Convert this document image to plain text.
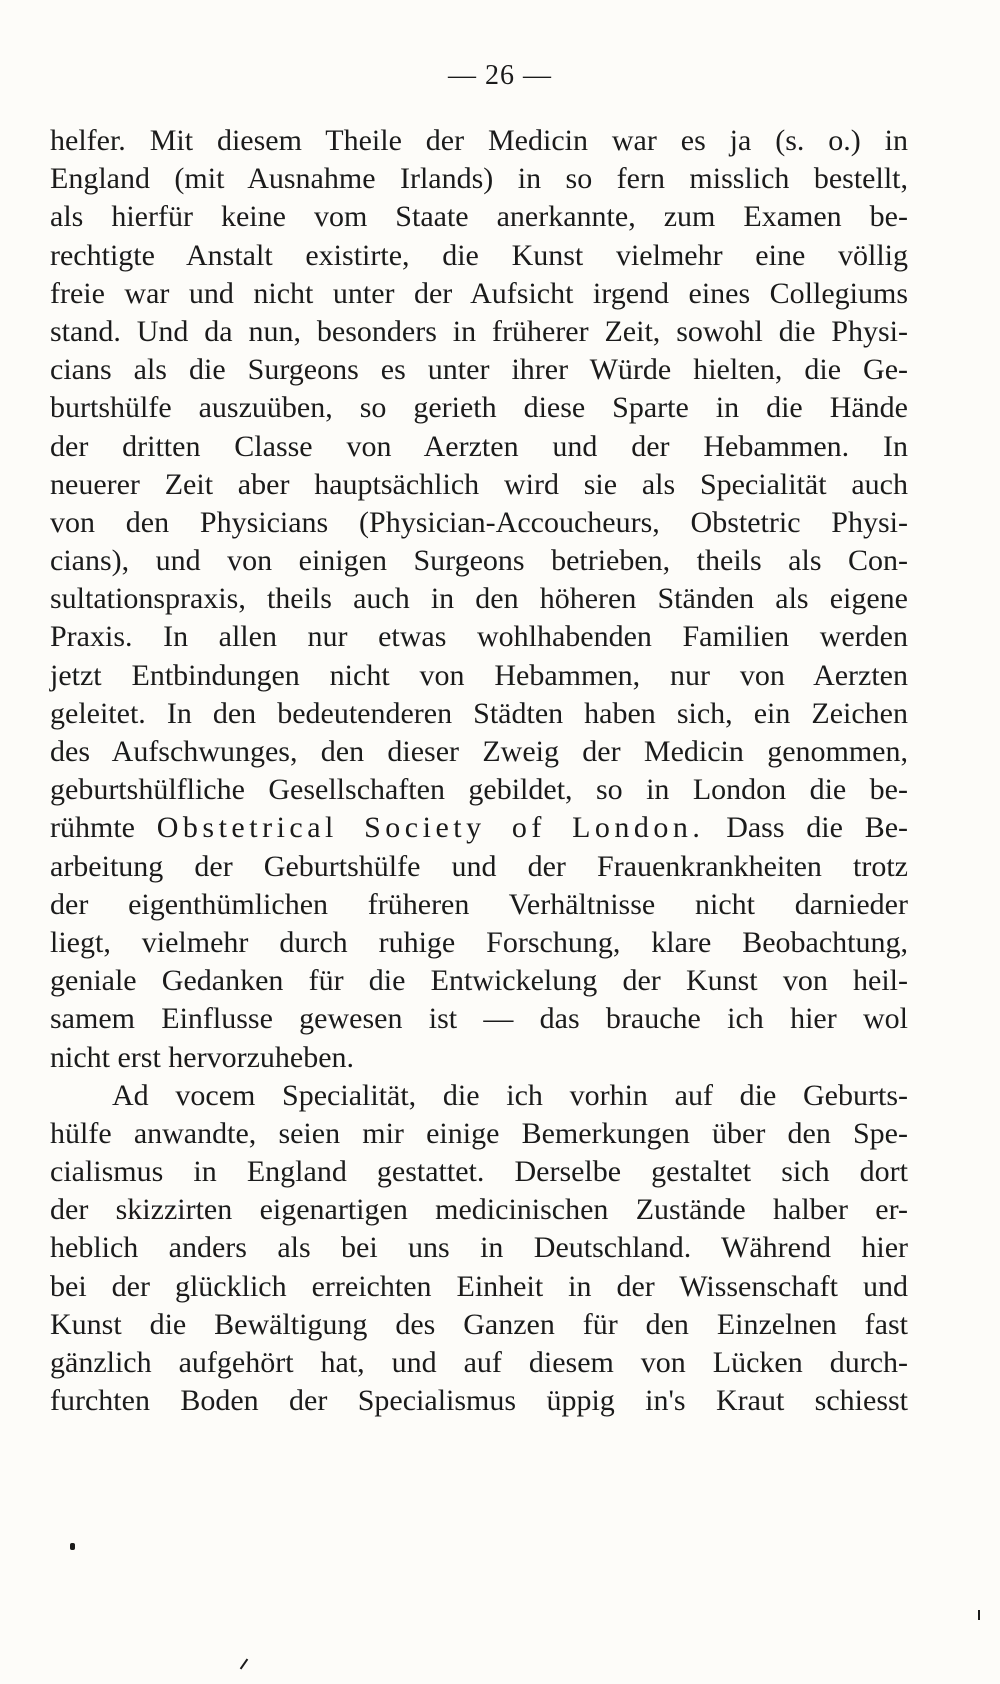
— 26 —
helfer. Mit diesem Theile der Medicin war es ja (s. o.) in
England (mit Ausnahme Irlands) in so fern misslich bestellt,
als hierfür keine vom Staate anerkannte, zum Examen be-
rechtigte Anstalt existirte, die Kunst vielmehr eine völlig
freie war und nicht unter der Aufsicht irgend eines Collegiums
stand. Und da nun, besonders in früherer Zeit, sowohl die Physi-
cians als die Surgeons es unter ihrer Würde hielten, die Ge-
burtshülfe auszuüben, so gerieth diese Sparte in die Hände
der dritten Classe von Aerzten und der Hebammen. In
neuerer Zeit aber hauptsächlich wird sie als Specialität auch
von den Physicians (Physician-Accoucheurs, Obstetric Physi-
cians), und von einigen Surgeons betrieben, theils als Con-
sultationspraxis, theils auch in den höheren Ständen als eigene
Praxis. In allen nur etwas wohlhabenden Familien werden
jetzt Entbindungen nicht von Hebammen, nur von Aerzten
geleitet. In den bedeutenderen Städten haben sich, ein Zeichen
des Aufschwunges, den dieser Zweig der Medicin genommen,
geburtshülfliche Gesellschaften gebildet, so in London die be-
rühmte Obstetrical Society of London. Dass die Be-
arbeitung der Geburtshülfe und der Frauenkrankheiten trotz
der eigenthümlichen früheren Verhältnisse nicht darnieder
liegt, vielmehr durch ruhige Forschung, klare Beobachtung,
geniale Gedanken für die Entwickelung der Kunst von heil-
samem Einflusse gewesen ist — das brauche ich hier wol
nicht erst hervorzuheben.
Ad vocem Specialität, die ich vorhin auf die Geburts-
hülfe anwandte, seien mir einige Bemerkungen über den Spe-
cialismus in England gestattet. Derselbe gestaltet sich dort
der skizzirten eigenartigen medicinischen Zustände halber er-
heblich anders als bei uns in Deutschland. Während hier
bei der glücklich erreichten Einheit in der Wissenschaft und
Kunst die Bewältigung des Ganzen für den Einzelnen fast
gänzlich aufgehört hat, und auf diesem von Lücken durch-
furchten Boden der Specialismus üppig in's Kraut schiesst
